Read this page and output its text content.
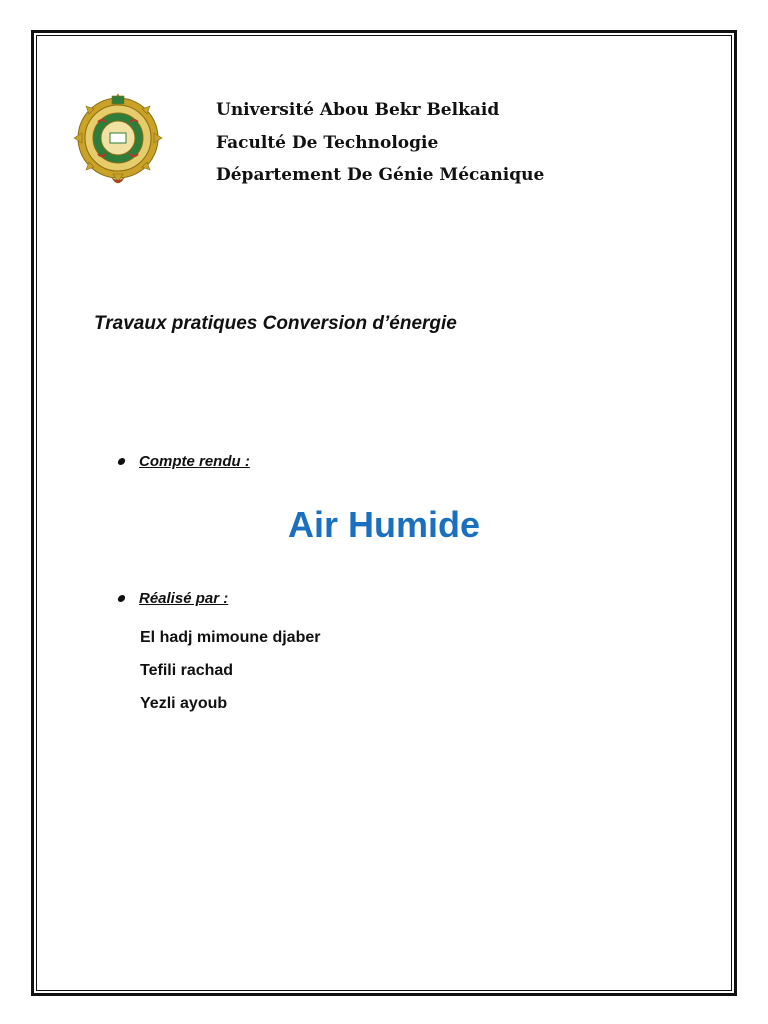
Université Abou Bekr Belkaid
Faculté De Technologie
Département De Génie Mécanique
Travaux pratiques Conversion d’énergie
Compte rendu :
Air Humide
Réalisé par :
El hadj mimoune djaber
Tefili rachad
Yezli ayoub
